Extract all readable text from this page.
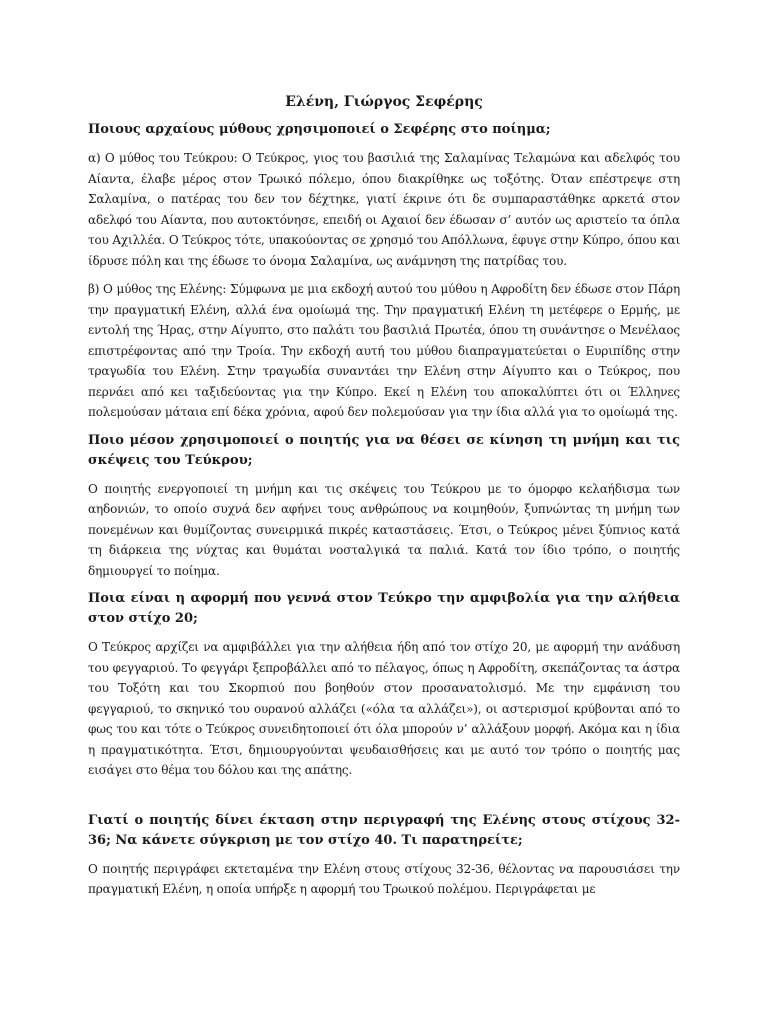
Ελένη, Γιώργος Σεφέρης
Ποιους αρχαίους μύθους χρησιμοποιεί ο Σεφέρης στο ποίημα;

α) Ο μύθος του Τεύκρου: Ο Τεύκρος, γιος του βασιλιά της Σαλαμίνας Τελαμώνα και αδελφός του Αίαντα, έλαβε μέρος στον Τρωικό πόλεμο, όπου διακρίθηκε ως τοξότης. Όταν επέστρεψε στη Σαλαμίνα, ο πατέρας του δεν τον δέχτηκε, γιατί έκρινε ότι δε συμπαραστάθηκε αρκετά στον αδελφό του Αίαντα, που αυτοκτόνησε, επειδή οι Αχαιοί δεν έδωσαν σ’ αυτόν ως αριστείο τα όπλα του Αχιλλέα. Ο Τεύκρος τότε, υπακούοντας σε χρησμό του Απόλλωνα, έφυγε στην Κύπρο, όπου και ίδρυσε πόλη και της έδωσε το όνομα Σαλαμίνα, ως ανάμνηση της πατρίδας του.

β) Ο μύθος της Ελένης: Σύμφωνα με μια εκδοχή αυτού του μύθου η Αφροδίτη δεν έδωσε στον Πάρη την πραγματική Ελένη, αλλά ένα ομοίωμά της. Την πραγματική Ελένη τη μετέφερε ο Ερμής, με εντολή της Ήρας, στην Αίγυπτο, στο παλάτι του βασιλιά Πρωτέα, όπου τη συνάντησε ο Μενέλαος επιστρέφοντας από την Τροία. Την εκδοχή αυτή του μύθου διαπραγματεύεται ο Ευριπίδης στην τραγωδία του Ελένη. Στην τραγωδία συναντάει την Ελένη στην Αίγυπτο και ο Τεύκρος, που περνάει από κει ταξιδεύοντας για την Κύπρο. Εκεί η Ελένη του αποκαλύπτει ότι οι Έλληνες πολεμούσαν μάταια επί δέκα χρόνια, αφού δεν πολεμούσαν για την ίδια αλλά για το ομοίωμά της.

Ποιο μέσον χρησιμοποιεί ο ποιητής για να θέσει σε κίνηση τη μνήμη και τις σκέψεις του Τεύκρου;

Ο ποιητής ενεργοποιεί τη μνήμη και τις σκέψεις του Τεύκρου με το όμορφο κελαήδισμα των αηδονιών, το οποίο συχνά δεν αφήνει τους ανθρώπους να κοιμηθούν, ξυπνώντας τη μνήμη των πονεμένων και θυμίζοντας συνειρμικά πικρές καταστάσεις. Έτσι, ο Τεύκρος μένει ξύπνιος κατά τη διάρκεια της νύχτας και θυμάται νοσταλγικά τα παλιά. Κατά τον ίδιο τρόπο, ο ποιητής δημιουργεί το ποίημα.

Ποια είναι η αφορμή που γεννά στον Τεύκρο την αμφιβολία για την αλήθεια στον στίχο 20;

Ο Τεύκρος αρχίζει να αμφιβάλλει για την αλήθεια ήδη από τον στίχο 20, με αφορμή την ανάδυση του φεγγαριού. Το φεγγάρι ξεπροβάλλει από το πέλαγος, όπως η Αφροδίτη, σκεπάζοντας τα άστρα του Τοξότη και του Σκορπιού που βοηθούν στον προσανατολισμό. Με την εμφάνιση του φεγγαριού, το σκηνικό του ουρανού αλλάζει («όλα τα αλλάζει»), οι αστερισμοί κρύβονται από το φως του και τότε ο Τεύκρος συνειδητοποιεί ότι όλα μπορούν ν’ αλλάξουν μορφή. Ακόμα και η ίδια η πραγματικότητα. Έτσι, δημιουργούνται ψευδαισθήσεις και με αυτό τον τρόπο ο ποιητής μας εισάγει στο θέμα του δόλου και της απάτης.

Γιατί ο ποιητής δίνει έκταση στην περιγραφή της Ελένης στους στίχους 32-36; Να κάνετε σύγκριση με τον στίχο 40. Τι παρατηρείτε;

Ο ποιητής περιγράφει εκτεταμένα την Ελένη στους στίχους 32-36, θέλοντας να παρουσιάσει την πραγματική Ελένη, η οποία υπήρξε η αφορμή του Τρωικού πολέμου. Περιγράφεται με
